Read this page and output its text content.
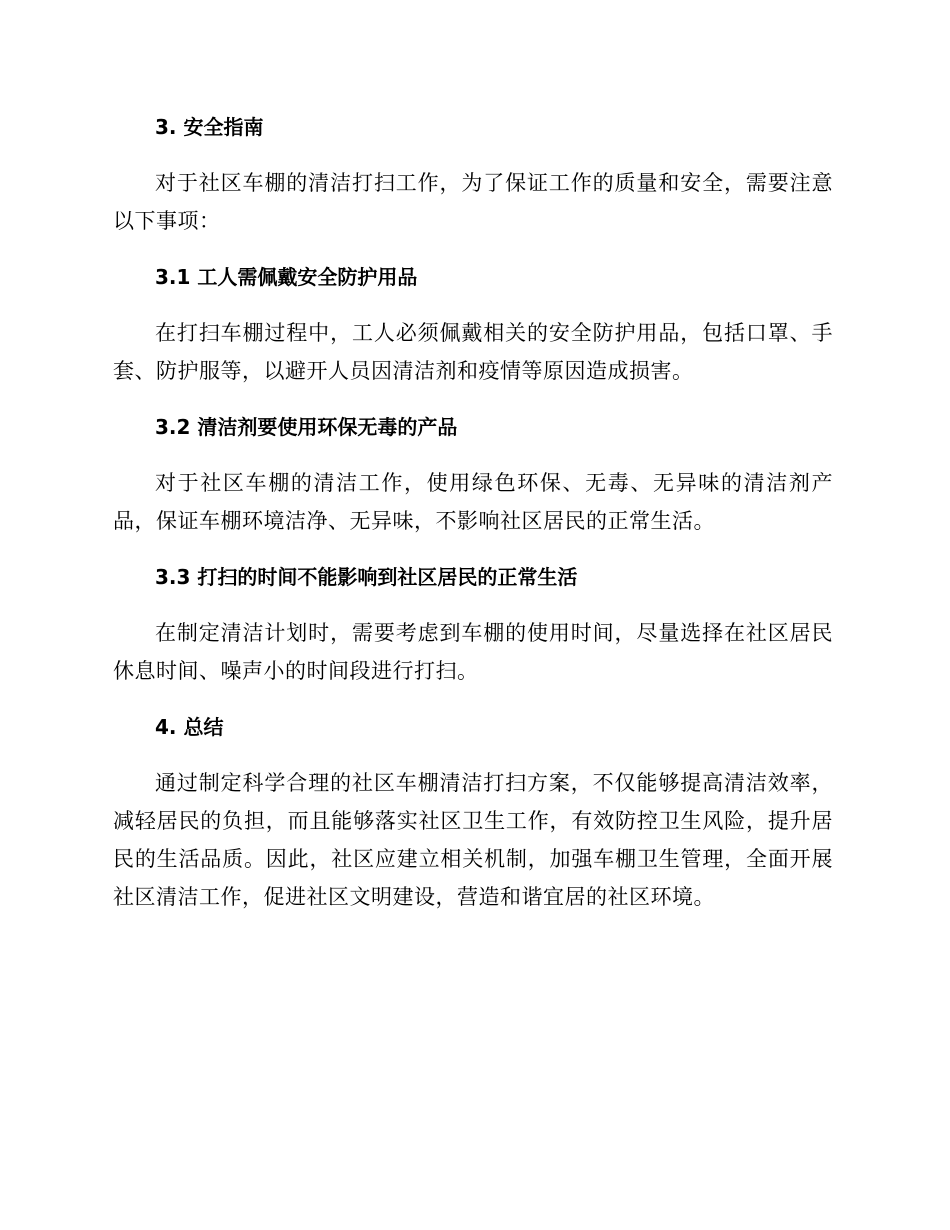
3. 安全指南

对于社区车棚的清洁打扫工作，为了保证工作的质量和安全，需要注意以下事项：

3.1 工人需佩戴安全防护用品

在打扫车棚过程中，工人必须佩戴相关的安全防护用品，包括口罩、手套、防护服等，以避开人员因清洁剂和疫情等原因造成损害。

3.2 清洁剂要使用环保无毒的产品

对于社区车棚的清洁工作，使用绿色环保、无毒、无异味的清洁剂产品，保证车棚环境洁净、无异味，不影响社区居民的正常生活。

3.3 打扫的时间不能影响到社区居民的正常生活

在制定清洁计划时，需要考虑到车棚的使用时间，尽量选择在社区居民休息时间、噪声小的时间段进行打扫。

4. 总结

通过制定科学合理的社区车棚清洁打扫方案，不仅能够提高清洁效率，减轻居民的负担，而且能够落实社区卫生工作，有效防控卫生风险，提升居民的生活品质。因此，社区应建立相关机制，加强车棚卫生管理，全面开展社区清洁工作，促进社区文明建设，营造和谐宜居的社区环境。
